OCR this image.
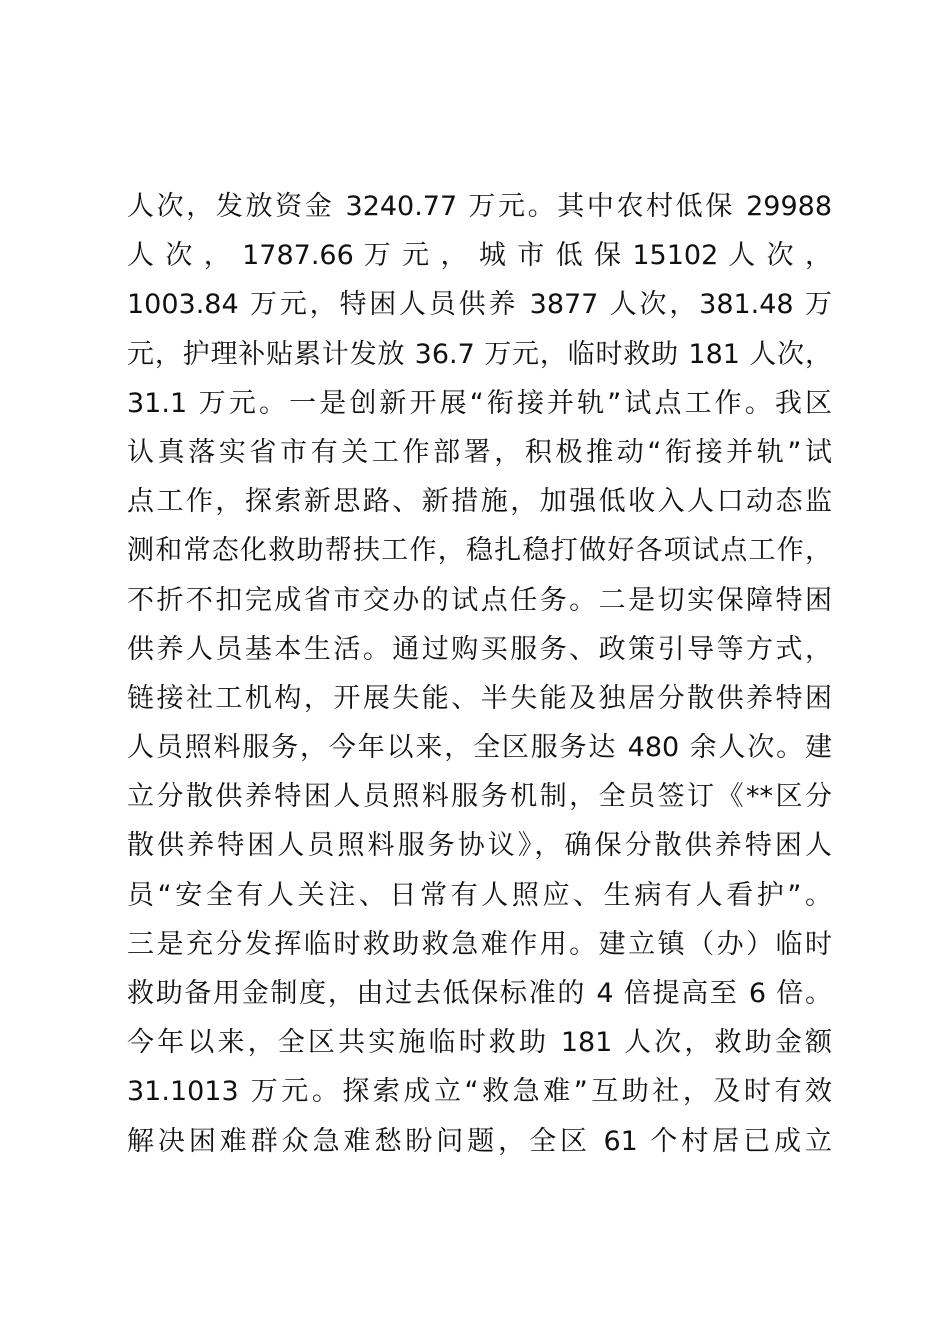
人次，发放资金 3240.77 万元。其中农村低保 29988
人 次 ， 1787.66 万 元 ， 城 市 低 保 15102 人 次 ，
1003.84 万元，特困人员供养 3877 人次，381.48 万
元，护理补贴累计发放 36.7 万元，临时救助 181 人次，
31.1 万元。一是创新开展“衔接并轨”试点工作。我区
认真落实省市有关工作部署，积极推动“衔接并轨”试
点工作，探索新思路、新措施，加强低收入人口动态监
测和常态化救助帮扶工作，稳扎稳打做好各项试点工作，
不折不扣完成省市交办的试点任务。二是切实保障特困
供养人员基本生活。通过购买服务、政策引导等方式，
链接社工机构，开展失能、半失能及独居分散供养特困
人员照料服务，今年以来，全区服务达 480 余人次。建
立分散供养特困人员照料服务机制，全员签订《**区分
散供养特困人员照料服务协议》，确保分散供养特困人
员“安全有人关注、日常有人照应、生病有人看护”。
三是充分发挥临时救助救急难作用。建立镇（办）临时
救助备用金制度，由过去低保标准的 4 倍提高至 6 倍。
今年以来，全区共实施临时救助 181 人次，救助金额
31.1013 万元。探索成立“救急难”互助社，及时有效
解决困难群众急难愁盼问题，全区 61 个村居已成立
